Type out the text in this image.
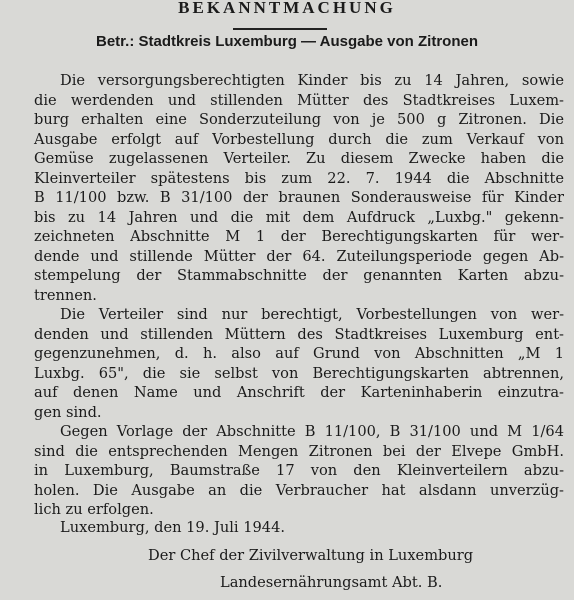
BEKANNTMACHUNG
Betr.: Stadtkreis Luxemburg — Ausgabe von Zitronen
Die versorgungsberechtigten Kinder bis zu 14 Jahren, sowie
die werdenden und stillenden Mütter des Stadtkreises Luxem-
burg erhalten eine Sonderzuteilung von je 500 g Zitronen. Die
Ausgabe erfolgt auf Vorbestellung durch die zum Verkauf von
Gemüse zugelassenen Verteiler. Zu diesem Zwecke haben die
Kleinverteiler spätestens bis zum 22. 7. 1944 die Abschnitte
B 11/100 bzw. B 31/100 der braunen Sonderausweise für Kinder
bis zu 14 Jahren und die mit dem Aufdruck „Luxbg." gekenn-
zeichneten Abschnitte M 1 der Berechtigungskarten für wer-
dende und stillende Mütter der 64. Zuteilungsperiode gegen Ab-
stempelung der Stammabschnitte der genannten Karten abzu-
trennen.
Die Verteiler sind nur berechtigt, Vorbestellungen von wer-
denden und stillenden Müttern des Stadtkreises Luxemburg ent-
gegenzunehmen, d. h. also auf Grund von Abschnitten „M 1
Luxbg. 65", die sie selbst von Berechtigungskarten abtrennen,
auf denen Name und Anschrift der Karteninhaberin einzutra-
gen sind.
Gegen Vorlage der Abschnitte B 11/100, B 31/100 und M 1/64
sind die entsprechenden Mengen Zitronen bei der Elvepe GmbH.
in Luxemburg, Baumstraße 17 von den Kleinverteilern abzu-
holen. Die Ausgabe an die Verbraucher hat alsdann unverzüg-
lich zu erfolgen.
Luxemburg, den 19. Juli 1944.
Der Chef der Zivilverwaltung in Luxemburg
Landesernährungsamt Abt. B.
